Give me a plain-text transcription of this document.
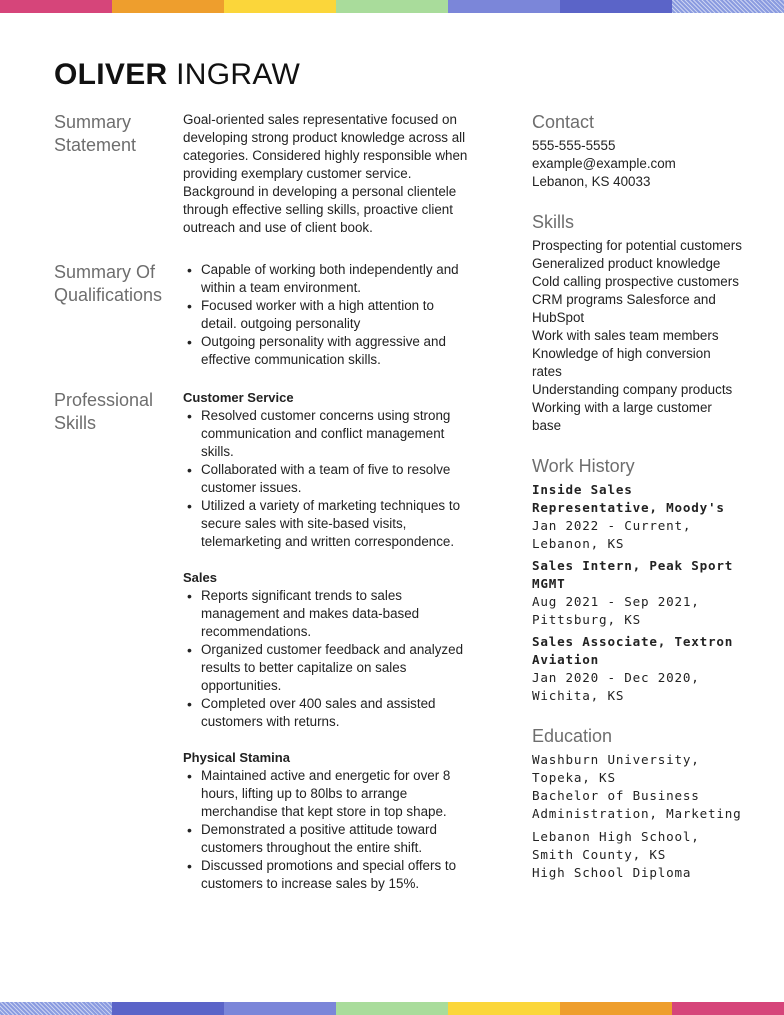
OLIVER INGRAW
Summary Statement
Goal-oriented sales representative focused on developing strong product knowledge across all categories. Considered highly responsible when providing exemplary customer service. Background in developing a personal clientele through effective selling skills, proactive client outreach and use of client book.
Summary Of Qualifications
• Capable of working both independently and within a team environment.
• Focused worker with a high attention to detail. outgoing personality
• Outgoing personality with aggressive and effective communication skills.
Professional Skills
Customer Service
• Resolved customer concerns using strong communication and conflict management skills.
• Collaborated with a team of five to resolve customer issues.
• Utilized a variety of marketing techniques to secure sales with site-based visits, telemarketing and written correspondence.
Sales
• Reports significant trends to sales management and makes data-based recommendations.
• Organized customer feedback and analyzed results to better capitalize on sales opportunities.
• Completed over 400 sales and assisted customers with returns.
Physical Stamina
• Maintained active and energetic for over 8 hours, lifting up to 80lbs to arrange merchandise that kept store in top shape.
• Demonstrated a positive attitude toward customers throughout the entire shift.
• Discussed promotions and special offers to customers to increase sales by 15%.
Contact
555-555-5555
example@example.com
Lebanon, KS 40033
Skills
Prospecting for potential customers
Generalized product knowledge
Cold calling prospective customers
CRM programs Salesforce and HubSpot
Work with sales team members
Knowledge of high conversion rates
Understanding company products
Working with a large customer base
Work History
Inside Sales Representative, Moody's
Jan 2022 - Current,
Lebanon, KS
Sales Intern, Peak Sport MGMT
Aug 2021 - Sep 2021,
Pittsburg, KS
Sales Associate, Textron Aviation
Jan 2020 - Dec 2020,
Wichita, KS
Education
Washburn University, Topeka, KS
Bachelor of Business Administration, Marketing
Lebanon High School, Smith County, KS
High School Diploma
